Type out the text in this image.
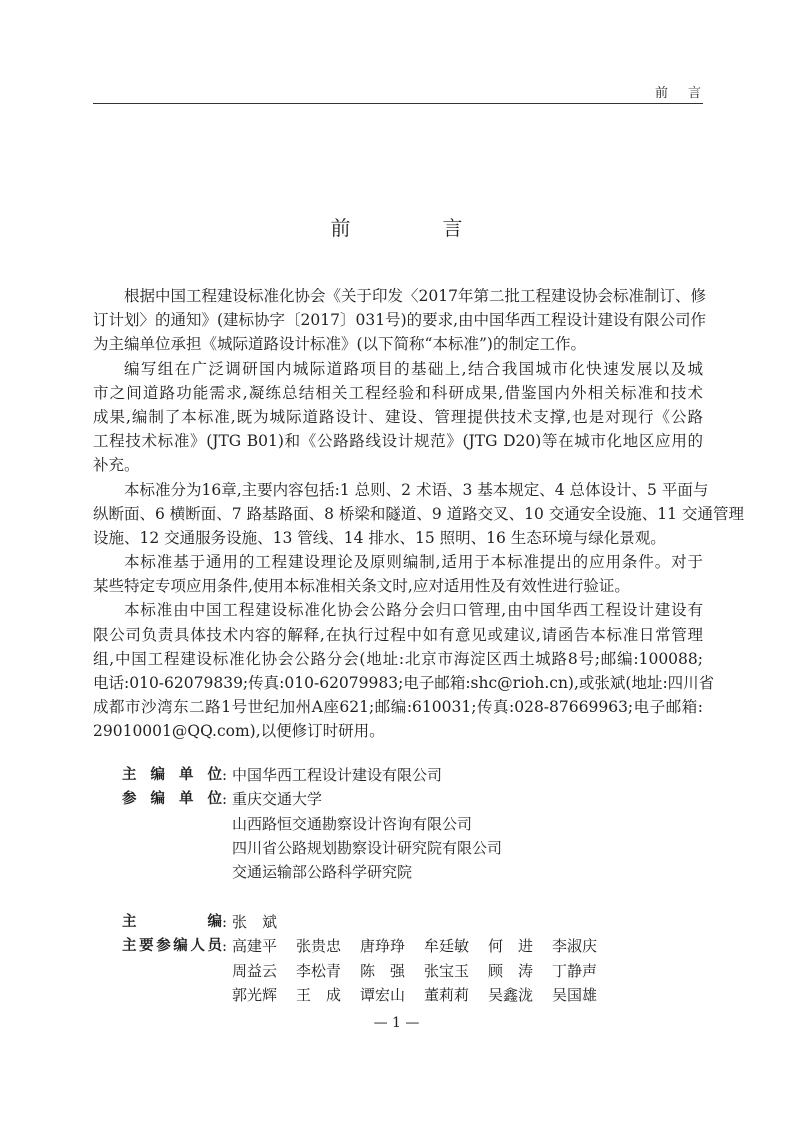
前言
前　言
根据中国工程建设标准化协会《关于印发〈2017年第二批工程建设协会标准制订、修
订计划〉的通知》(建标协字〔2017〕031号)的要求,由中国华西工程设计建设有限公司作
为主编单位承担《城际道路设计标准》(以下简称“本标准”)的制定工作。
编写组在广泛调研国内城际道路项目的基础上,结合我国城市化快速发展以及城
市之间道路功能需求,凝练总结相关工程经验和科研成果,借鉴国内外相关标准和技术
成果,编制了本标准,既为城际道路设计、建设、管理提供技术支撑,也是对现行《公路
工程技术标准》(JTG B01)和《公路路线设计规范》(JTG D20)等在城市化地区应用的
补充。
本标准分为16章,主要内容包括:1 总则、2 术语、3 基本规定、4 总体设计、5 平面与
纵断面、6 横断面、7 路基路面、8 桥梁和隧道、9 道路交叉、10 交通安全设施、11 交通管理
设施、12 交通服务设施、13 管线、14 排水、15 照明、16 生态环境与绿化景观。
本标准基于通用的工程建设理论及原则编制,适用于本标准提出的应用条件。对于
某些特定专项应用条件,使用本标准相关条文时,应对适用性及有效性进行验证。
本标准由中国工程建设标准化协会公路分会归口管理,由中国华西工程设计建设有
限公司负责具体技术内容的解释,在执行过程中如有意见或建议,请函告本标准日常管理
组,中国工程建设标准化协会公路分会(地址:北京市海淀区西土城路8号;邮编:100088;
电话:010-62079839;传真:010-62079983;电子邮箱:shc@rioh.cn),或张斌(地址:四川省
成都市沙湾东二路1号世纪加州A座621;邮编:610031;传真:028-87669963;电子邮箱:
29010001@QQ.com),以便修订时研用。
主编单位 : 中国华西工程设计建设有限公司
参编单位 : 重庆交通大学
山西路恒交通勘察设计咨询有限公司
四川省公路规划勘察设计研究院有限公司
交通运输部公路科学研究院
主编 : 张　斌
主要参编人员 : 高建平	张贵忠	唐琤琤	牟廷敏	何　进	李淑庆
周益云	李松青	陈　强	张宝玉	顾　涛	丁静声
郭光辉	王　成	谭宏山	董莉莉	吴鑫泷	吴国雄
— 1 —
